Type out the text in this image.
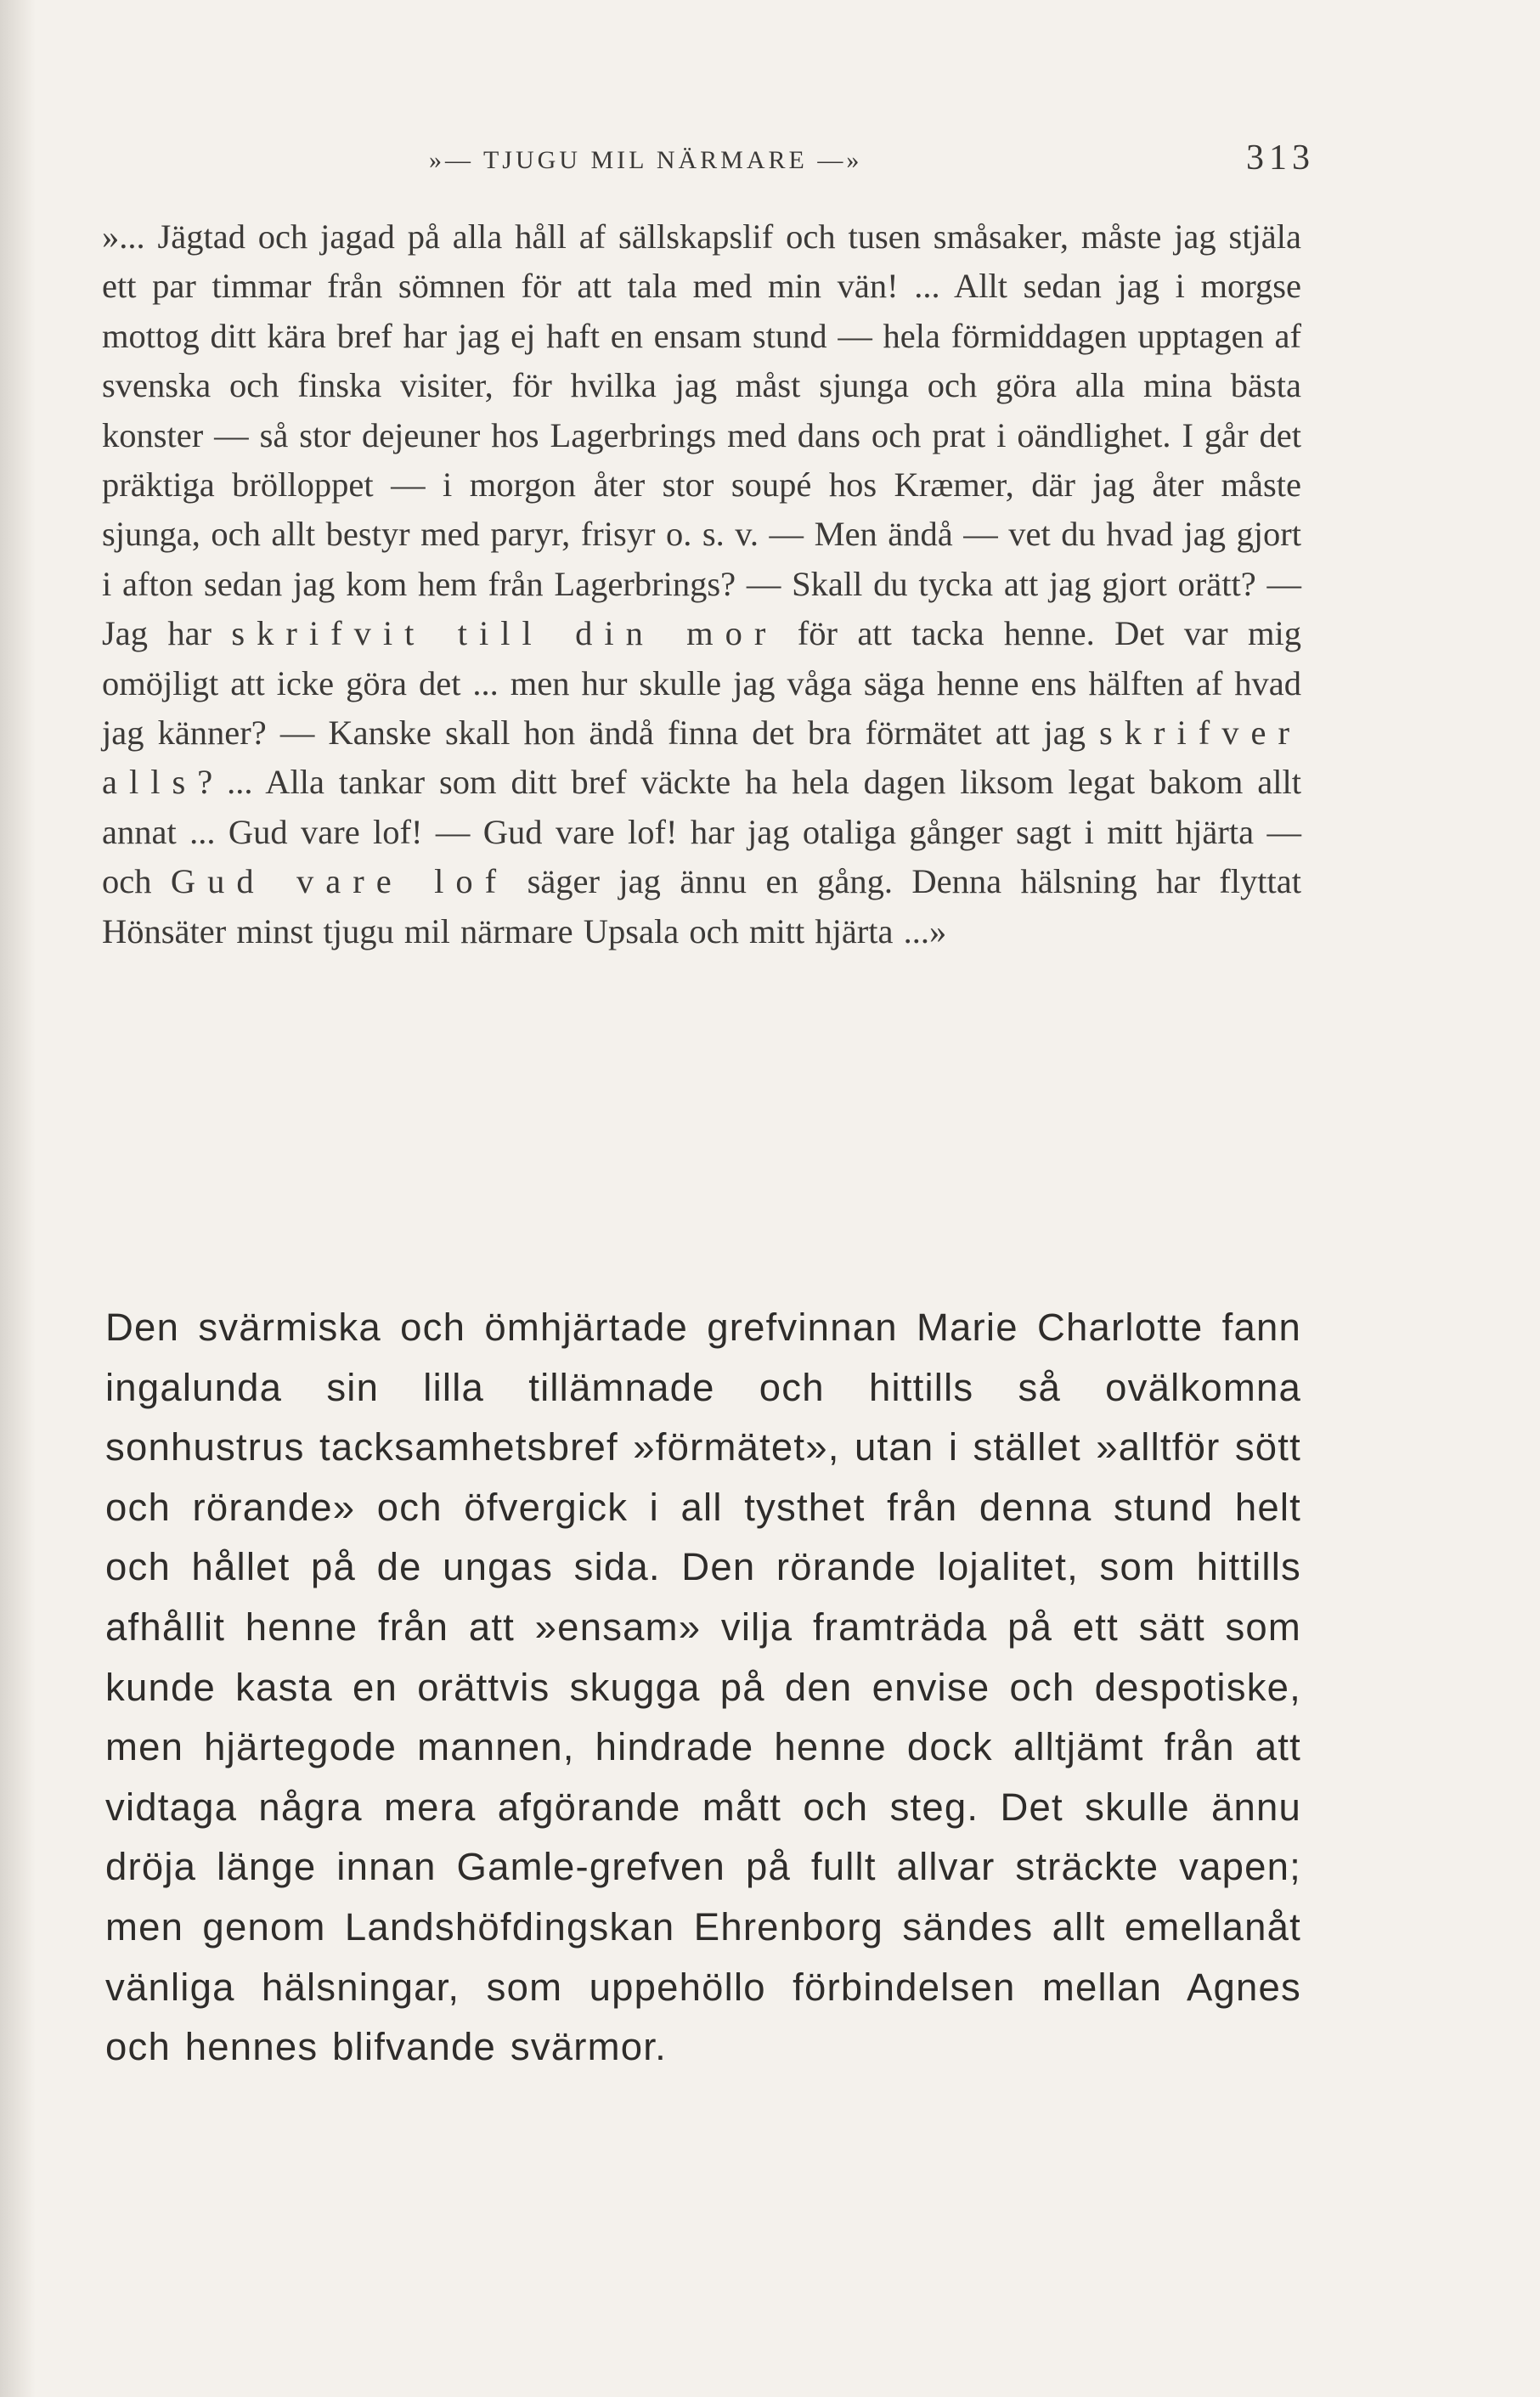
»— TJUGU MIL NÄRMARE —»	313

»... Jägtad och jagad på alla håll af sällskapslif och tusen småsaker, måste jag stjäla ett par timmar från sömnen för att tala med min vän! ... Allt sedan jag i morgse mottog ditt kära bref har jag ej haft en ensam stund — hela förmiddagen upptagen af svenska och finska visiter, för hvilka jag måst sjunga och göra alla mina bästa konster — så stor dejeuner hos Lagerbrings med dans och prat i oändlighet. I går det präktiga brölloppet — i morgon åter stor soupé hos Kræmer, där jag åter måste sjunga, och allt bestyr med paryr, frisyr o. s. v. — Men ändå — vet du hvad jag gjort i afton sedan jag kom hem från Lagerbrings? — Skall du tycka att jag gjort orätt? — Jag har skrifvit till din mor för att tacka henne. Det var mig omöjligt att icke göra det ... men hur skulle jag våga säga henne ens hälften af hvad jag känner? — Kanske skall hon ändå finna det bra förmätet att jag skrifver alls? ... Alla tankar som ditt bref väckte ha hela dagen liksom legat bakom allt annat ... Gud vare lof! — Gud vare lof! har jag otaliga gånger sagt i mitt hjärta — och Gud vare lof säger jag ännu en gång. Denna hälsning har flyttat Hönsäter minst tjugu mil närmare Upsala och mitt hjärta ...»

Den svärmiska och ömhjärtade grefvinnan Marie Charlotte fann ingalunda sin lilla tillämnade och hittills så ovälkomna sonhustrus tacksamhetsbref »förmätet», utan i stället »alltför sött och rörande» och öfvergick i all tysthet från denna stund helt och hållet på de ungas sida. Den rörande lojalitet, som hittills afhållit henne från att »ensam» vilja framträda på ett sätt som kunde kasta en orättvis skugga på den envise och despotiske, men hjärtegode mannen, hindrade henne dock alltjämt från att vidtaga några mera afgörande mått och steg. Det skulle ännu dröja länge innan Gamle-grefven på fullt allvar sträckte vapen; men genom Landshöfdingskan Ehrenborg sändes allt emellanåt vänliga hälsningar, som uppehöllo förbindelsen mellan Agnes och hennes blifvande svärmor.
